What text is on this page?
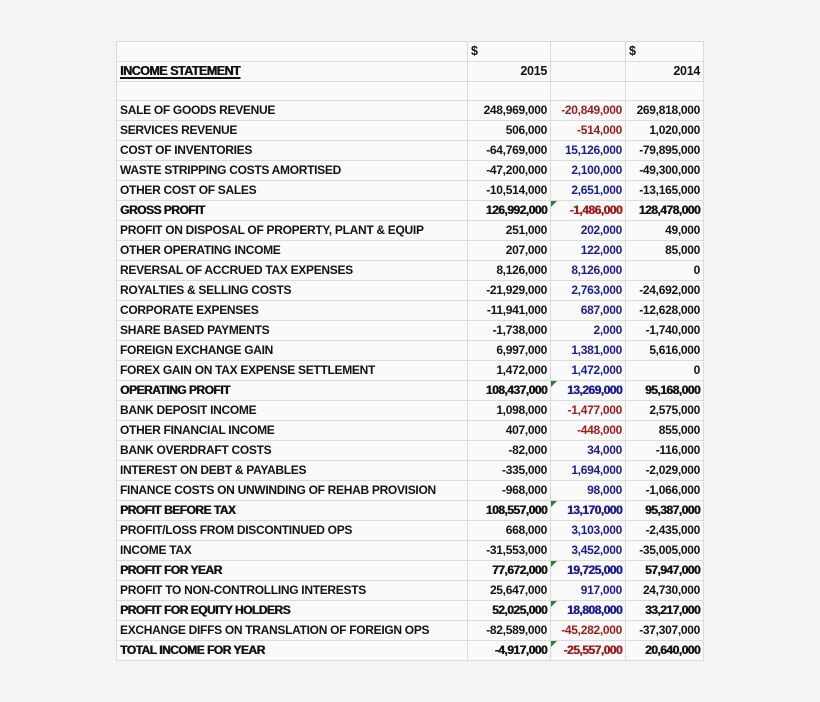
	$		$
INCOME STATEMENT	2015		2014

SALE OF GOODS REVENUE	248,969,000	-20,849,000	269,818,000
SERVICES REVENUE	506,000	-514,000	1,020,000
COST OF INVENTORIES	-64,769,000	15,126,000	-79,895,000
WASTE STRIPPING COSTS AMORTISED	-47,200,000	2,100,000	-49,300,000
OTHER COST OF SALES	-10,514,000	2,651,000	-13,165,000
GROSS PROFIT	126,992,000	-1,486,000	128,478,000
PROFIT ON DISPOSAL OF PROPERTY, PLANT & EQUIP	251,000	202,000	49,000
OTHER OPERATING INCOME	207,000	122,000	85,000
REVERSAL OF ACCRUED TAX EXPENSES	8,126,000	8,126,000	0
ROYALTIES & SELLING COSTS	-21,929,000	2,763,000	-24,692,000
CORPORATE EXPENSES	-11,941,000	687,000	-12,628,000
SHARE BASED PAYMENTS	-1,738,000	2,000	-1,740,000
FOREIGN EXCHANGE GAIN	6,997,000	1,381,000	5,616,000
FOREX GAIN ON TAX EXPENSE SETTLEMENT	1,472,000	1,472,000	0
OPERATING PROFIT	108,437,000	13,269,000	95,168,000
BANK DEPOSIT INCOME	1,098,000	-1,477,000	2,575,000
OTHER FINANCIAL INCOME	407,000	-448,000	855,000
BANK OVERDRAFT COSTS	-82,000	34,000	-116,000
INTEREST ON DEBT & PAYABLES	-335,000	1,694,000	-2,029,000
FINANCE COSTS ON UNWINDING OF REHAB PROVISION	-968,000	98,000	-1,066,000
PROFIT BEFORE TAX	108,557,000	13,170,000	95,387,000
PROFIT/LOSS FROM DISCONTINUED OPS	668,000	3,103,000	-2,435,000
INCOME TAX	-31,553,000	3,452,000	-35,005,000
PROFIT FOR YEAR	77,672,000	19,725,000	57,947,000
PROFIT TO NON-CONTROLLING INTERESTS	25,647,000	917,000	24,730,000
PROFIT FOR EQUITY HOLDERS	52,025,000	18,808,000	33,217,000
EXCHANGE DIFFS ON TRANSLATION OF FOREIGN OPS	-82,589,000	-45,282,000	-37,307,000
TOTAL INCOME FOR YEAR	-4,917,000	-25,557,000	20,640,000
